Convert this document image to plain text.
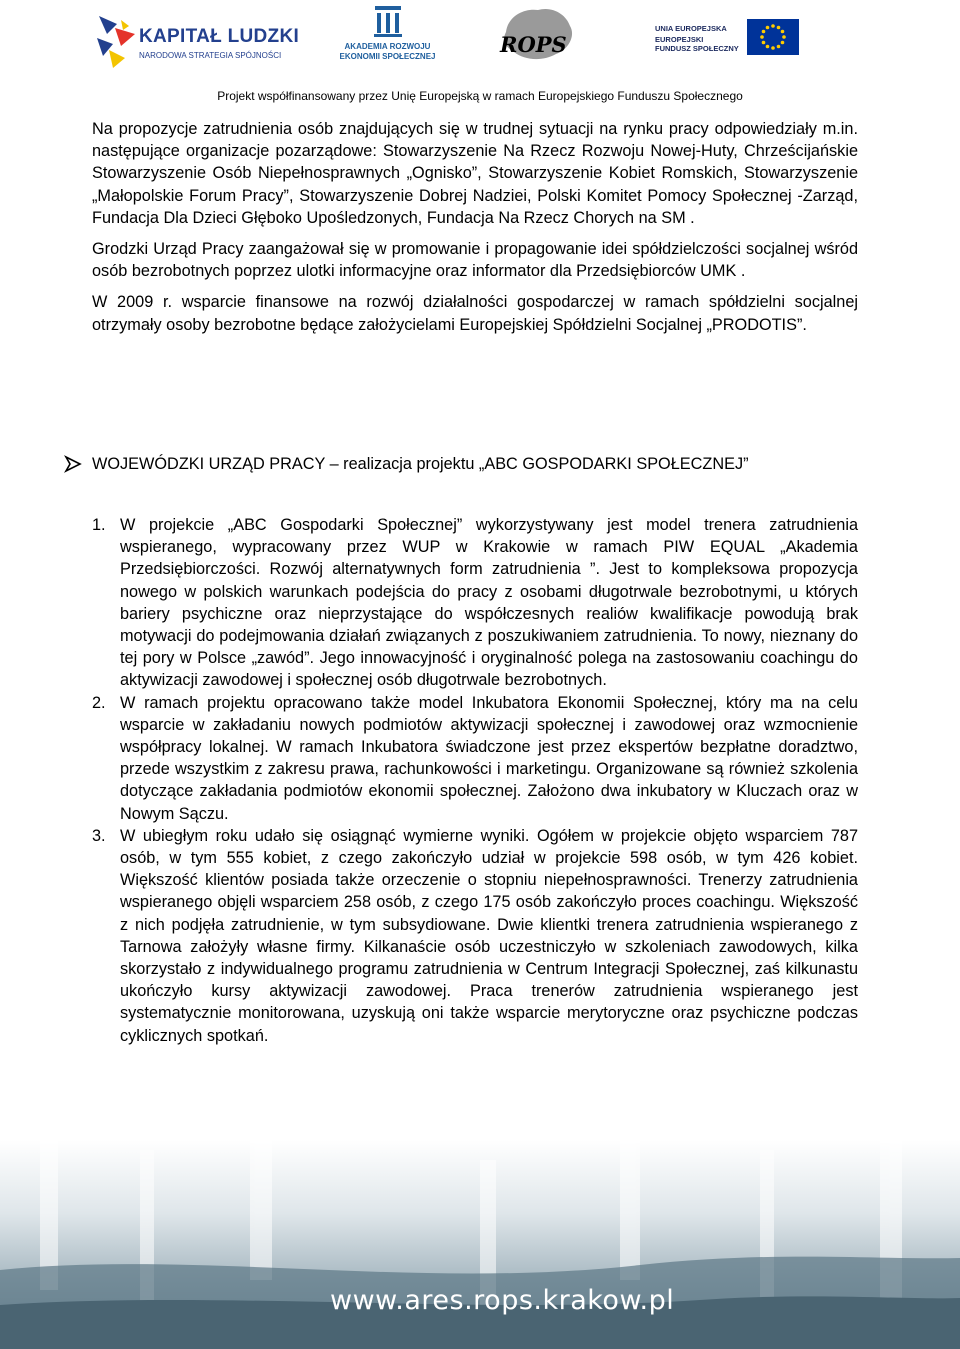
KAPITAŁ LUDZKI
NARODOWA STRATEGIA SPÓJNOŚCI
AKADEMIA ROZWOJU
EKONOMII SPOŁECZNEJ	ROPS
UNIA EUROPEJSKA
EUROPEJSKI
FUNDUSZ SPOŁECZNY
Projekt współfinansowany przez Unię Europejską w ramach Europejskiego Funduszu Społecznego

Na propozycje zatrudnienia osób znajdujących się w trudnej sytuacji na rynku pracy odpowiedziały m.in. następujące organizacje pozarządowe: Stowarzyszenie Na Rzecz Rozwoju Nowej-Huty, Chrześcijańskie Stowarzyszenie Osób Niepełnosprawnych „Ognisko”, Stowarzyszenie Kobiet Romskich, Stowarzyszenie „Małopolskie Forum Pracy”, Stowarzyszenie Dobrej Nadziei, Polski Komitet Pomocy Społecznej -Zarząd, Fundacja Dla Dzieci Głęboko Upośledzonych, Fundacja Na Rzecz Chorych na SM .

Grodzki Urząd Pracy zaangażował się w promowanie i propagowanie idei spółdzielczości socjalnej wśród osób bezrobotnych poprzez ulotki informacyjne oraz informator dla Przedsiębiorców UMK .

W 2009 r. wsparcie finansowe na rozwój działalności gospodarczej w ramach spółdzielni socjalnej otrzymały osoby bezrobotne będące założycielami Europejskiej Spółdzielni Socjalnej „PRODOTIS”.

WOJEWÓDZKI URZĄD PRACY – realizacja projektu „ABC GOSPODARKI SPOŁECZNEJ”
1. W projekcie „ABC Gospodarki Społecznej” wykorzystywany jest model trenera zatrudnienia wspieranego, wypracowany przez WUP w Krakowie w ramach PIW EQUAL „Akademia Przedsiębiorczości. Rozwój alternatywnych form zatrudnienia ”. Jest to kompleksowa propozycja nowego w polskich warunkach podejścia do pracy z osobami długotrwale bezrobotnymi, u których bariery psychiczne oraz nieprzystające do współczesnych realiów kwalifikacje powodują brak motywacji do podejmowania działań związanych z poszukiwaniem zatrudnienia. To nowy, nieznany do tej pory w Polsce „zawód”. Jego innowacyjność i oryginalność polega na zastosowaniu coachingu do aktywizacji zawodowej i społecznej osób długotrwale bezrobotnych.
2. W ramach projektu opracowano także model Inkubatora Ekonomii Społecznej, który ma na celu wsparcie w zakładaniu nowych podmiotów aktywizacji społecznej i zawodowej oraz wzmocnienie współpracy lokalnej. W ramach Inkubatora świadczone jest przez ekspertów bezpłatne doradztwo, przede wszystkim z zakresu prawa, rachunkowości i marketingu. Organizowane są również szkolenia dotyczące zakładania podmiotów ekonomii społecznej. Założono dwa inkubatory w Kluczach oraz w Nowym Sączu.
3. W ubiegłym roku udało się osiągnąć wymierne wyniki. Ogółem w projekcie objęto wsparciem 787 osób, w tym 555 kobiet, z czego zakończyło udział w projekcie 598 osób, w tym 426 kobiet. Większość klientów posiada także orzeczenie o stopniu niepełnosprawności. Trenerzy zatrudnienia wspieranego objęli wsparciem 258 osób, z czego 175 osób zakończyło proces coachingu. Większość z nich podjęła zatrudnienie, w tym subsydiowane. Dwie klientki trenera zatrudnienia wspieranego z Tarnowa założyły własne firmy. Kilkanaście osób uczestniczyło w szkoleniach zawodowych, kilka skorzystało z indywidualnego programu zatrudnienia w Centrum Integracji Społecznej, zaś kilkunastu ukończyło kursy aktywizacji zawodowej. Praca trenerów zatrudnienia wspieranego jest systematycznie monitorowana, uzyskują oni także wsparcie merytoryczne oraz psychiczne podczas cyklicznych spotkań.
www.ares.rops.krakow.pl
